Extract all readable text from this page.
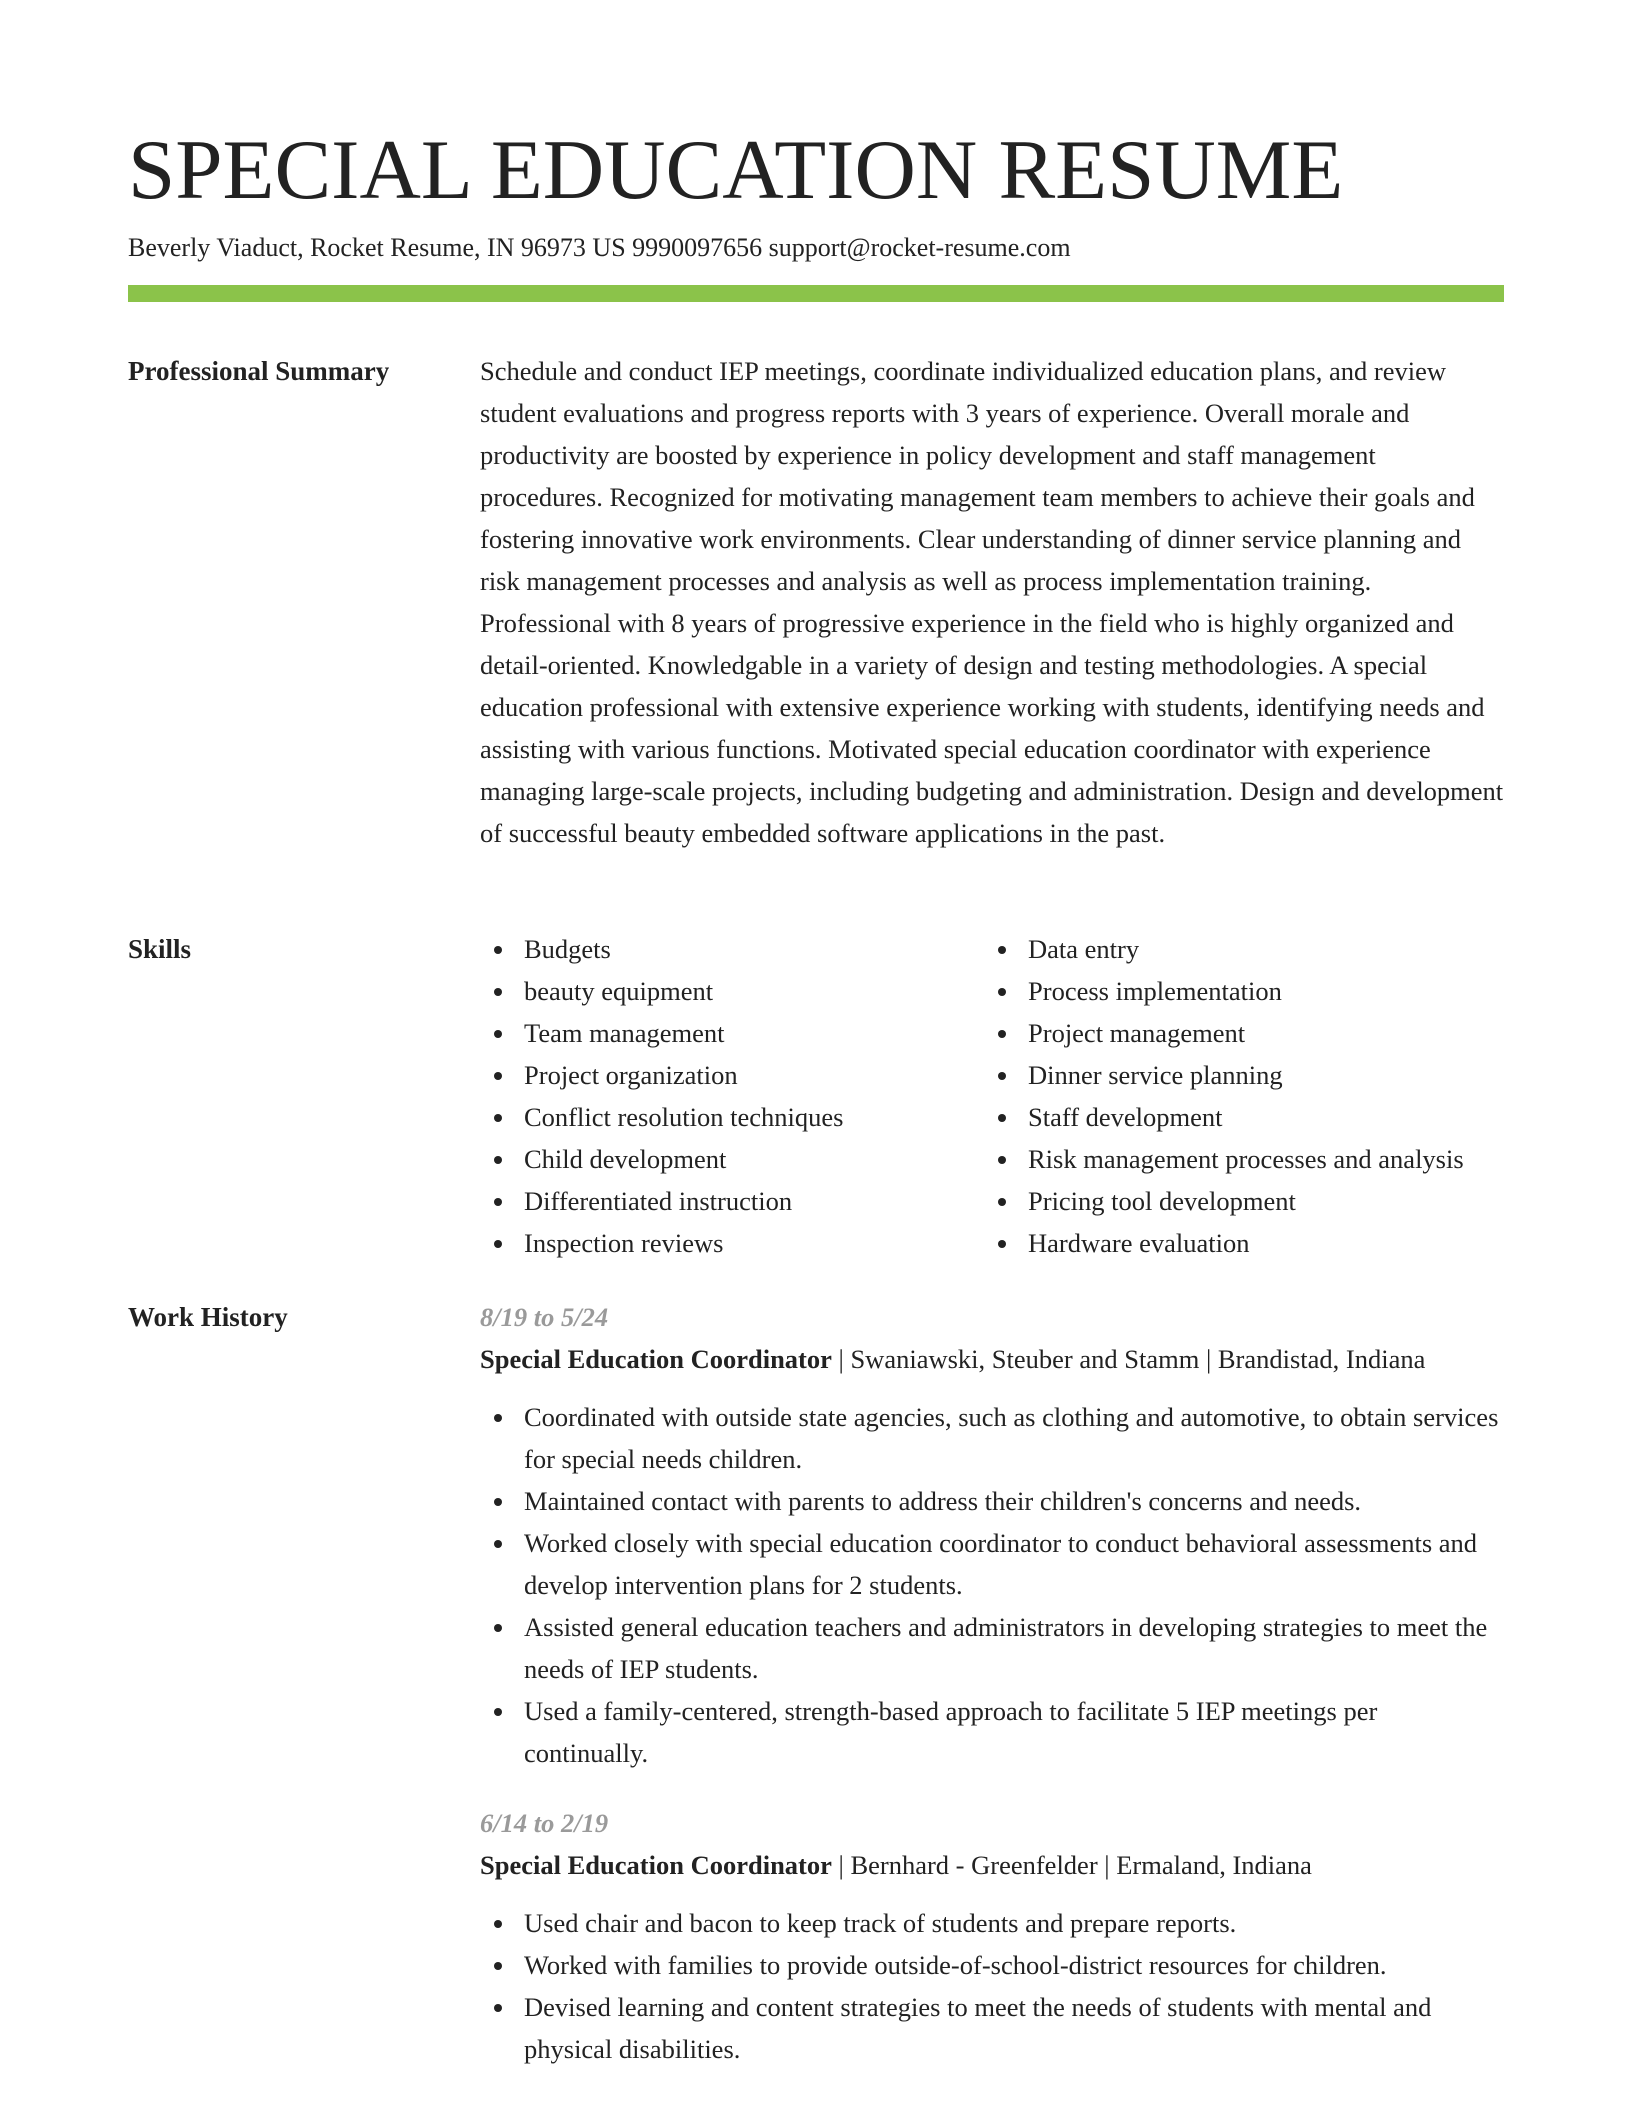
SPECIAL EDUCATION RESUME
Beverly Viaduct, Rocket Resume, IN 96973 US 9990097656 support@rocket-resume.com
Professional Summary	Schedule and conduct IEP meetings, coordinate individualized education plans, and review student evaluations and progress reports with 3 years of experience. Overall morale and productivity are boosted by experience in policy development and staff management procedures. Recognized for motivating management team members to achieve their goals and fostering innovative work environments. Clear understanding of dinner service planning and risk management processes and analysis as well as process implementation training. Professional with 8 years of progressive experience in the field who is highly organized and detail-oriented. Knowledgable in a variety of design and testing methodologies. A special education professional with extensive experience working with students, identifying needs and assisting with various functions. Motivated special education coordinator with experience managing large-scale projects, including budgeting and administration. Design and development of successful beauty embedded software applications in the past.
Skills	Budgets
beauty equipment
Team management
Project organization
Conflict resolution techniques
Child development
Differentiated instruction
Inspection reviews
Data entry
Process implementation
Project management
Dinner service planning
Staff development
Risk management processes and analysis
Pricing tool development
Hardware evaluation
Work History	8/19 to 5/24
Special Education Coordinator | Swaniawski, Steuber and Stamm | Brandistad, Indiana
Coordinated with outside state agencies, such as clothing and automotive, to obtain services for special needs children.
Maintained contact with parents to address their children's concerns and needs.
Worked closely with special education coordinator to conduct behavioral assessments and develop intervention plans for 2 students.
Assisted general education teachers and administrators in developing strategies to meet the needs of IEP students.
Used a family-centered, strength-based approach to facilitate 5 IEP meetings per continually.
6/14 to 2/19
Special Education Coordinator | Bernhard - Greenfelder | Ermaland, Indiana
Used chair and bacon to keep track of students and prepare reports.
Worked with families to provide outside-of-school-district resources for children.
Devised learning and content strategies to meet the needs of students with mental and physical disabilities.
